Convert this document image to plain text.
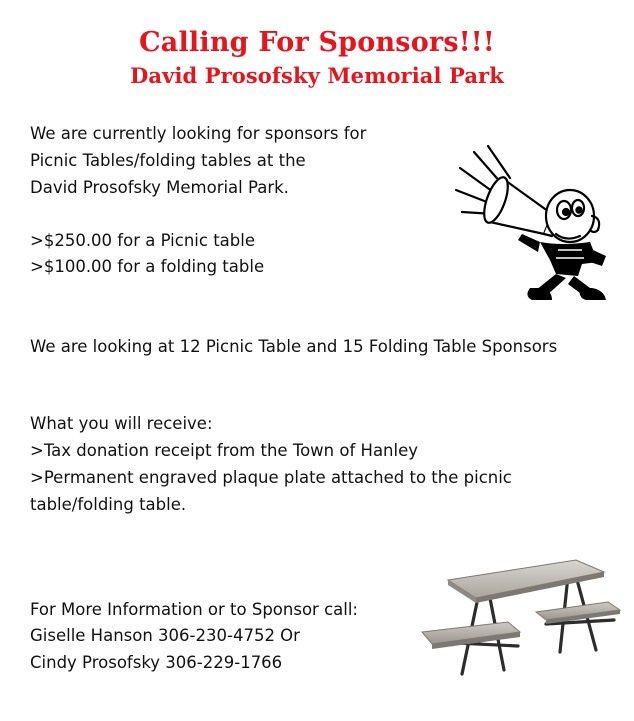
Calling For Sponsors!!!
David Prosofsky Memorial Park
We are currently looking for sponsors for
Picnic Tables/folding tables at the
David Prosofsky Memorial Park.
>$250.00 for a Picnic table
>$100.00 for a folding table
We are looking at 12 Picnic Table and 15 Folding Table Sponsors
What you will receive:
>Tax donation receipt from the Town of Hanley
>Permanent engraved plaque plate attached to the picnic
table/folding table.
For More Information or to Sponsor call:
Giselle Hanson 306-230-4752 Or
Cindy Prosofsky 306-229-1766
